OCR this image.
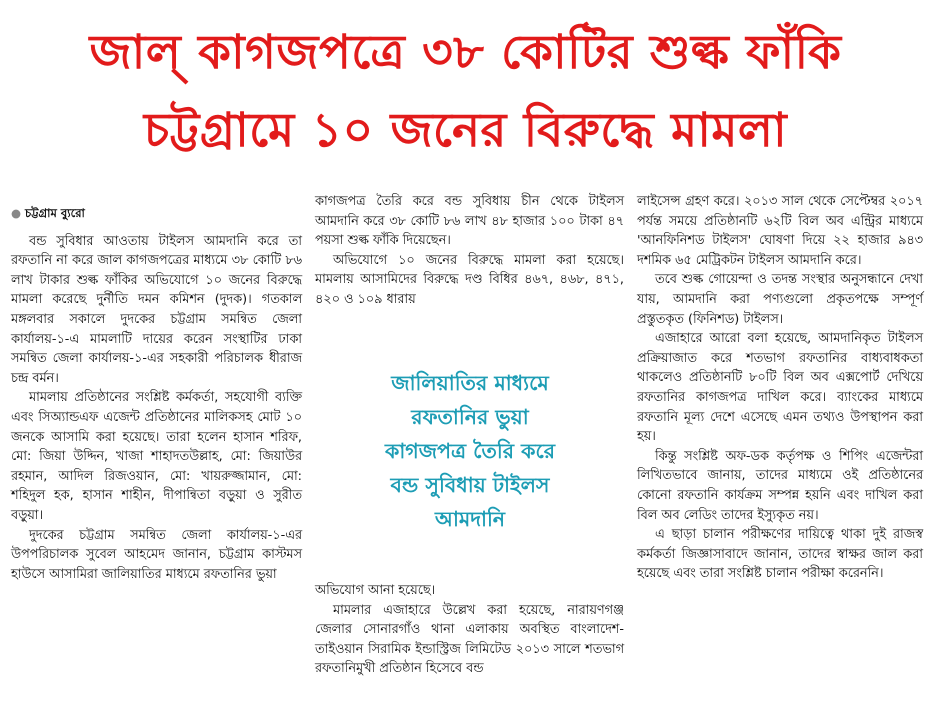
জাল্ কাগজপত্রে ৩৮ কোটির শুল্ক ফাঁকি
চট্টগ্রামে ১০ জনের বিরুদ্ধে মামলা
● চট্টগ্রাম ব্যুরো

বন্ড সুবিধার আওতায় টাইলস আমদানি করে তা রফতানি না করে জাল কাগজপত্রের মাধ্যমে ৩৮ কোটি ৮৬ লাখ টাকার শুল্ক ফাঁকির অভিযোগে ১০ জনের বিরুদ্ধে মামলা করেছে দুর্নীতি দমন কমিশন (দুদক)। গতকাল মঙ্গলবার সকালে দুদকের চট্টগ্রাম সমন্বিত জেলা কার্যালয়-১-এ মামলাটি দায়ের করেন সংস্থাটির ঢাকা সমন্বিত জেলা কার্যালয়-১-এর সহকারী পরিচালক ধীরাজ চন্দ্র বর্মন।

মামলায় প্রতিষ্ঠানের সংশ্লিষ্ট কর্মকর্তা, সহযোগী ব্যক্তি এবং সিঅ্যান্ডএফ এজেন্ট প্রতিষ্ঠানের মালিকসহ মোট ১০ জনকে আসামি করা হয়েছে। তারা হলেন হাসান শরিফ, মো: জিয়া উদ্দিন, খাজা শাহাদতউল্লাহ, মো: জিয়াউর রহমান, আদিল রিজওয়ান, মো: খায়রুজ্জামান, মো: শহিদুল হক, হাসান শাহীন, দীপান্বিতা বড়ুয়া ও সুরীত বড়ুয়া।

দুদকের চট্টগ্রাম সমন্বিত জেলা কার্যালয়-১-এর উপপরিচালক সুবেল আহমেদ জানান, চট্টগ্রাম কাস্টমস হাউসে আসামিরা জালিয়াতির মাধ্যমে রফতানির ভুয়া

কাগজপত্র তৈরি করে বন্ড সুবিধায় চীন থেকে টাইলস আমদানি করে ৩৮ কোটি ৮৬ লাখ ৪৮ হাজার ১০০ টাকা ৪৭ পয়সা শুল্ক ফাঁকি দিয়েছেন।

অভিযোগে ১০ জনের বিরুদ্ধে মামলা করা হয়েছে। মামলায় আসামিদের বিরুদ্ধে দণ্ড বিধির ৪৬৭, ৪৬৮, ৪৭১, ৪২০ ও ১০৯ ধারায়

জালিয়াতির মাধ্যমে
রফতানির ভুয়া
কাগজপত্র তৈরি করে
বন্ড সুবিধায় টাইলস
আমদানি

অভিযোগ আনা হয়েছে।

মামলার এজাহারে উল্লেখ করা হয়েছে, নারায়ণগঞ্জ জেলার সোনারগাঁও থানা এলাকায় অবস্থিত বাংলাদেশ-তাইওয়ান সিরামিক ইন্ডাস্ট্রিজ লিমিটেড ২০১৩ সালে শতভাগ রফতানিমুখী প্রতিষ্ঠান হিসেবে বন্ড

লাইসেন্স গ্রহণ করে। ২০১৩ সাল থেকে সেপ্টেম্বর ২০১৭ পর্যন্ত সময়ে প্রতিষ্ঠানটি ৬২টি বিল অব এন্ট্রির মাধ্যমে 'আনফিনিশড টাইলস' ঘোষণা দিয়ে ২২ হাজার ৯৪৩ দশমিক ৬৫ মেট্রিকটন টাইলস আমদানি করে।

তবে শুল্ক গোয়েন্দা ও তদন্ত সংস্থার অনুসন্ধানে দেখা যায়, আমদানি করা পণ্যগুলো প্রকৃতপক্ষে সম্পূর্ণ প্রস্তুতকৃত (ফিনিশড) টাইলস।

এজাহারে আরো বলা হয়েছে, আমদানিকৃত টাইলস প্রক্রিয়াজাত করে শতভাগ রফতানির বাধ্যবাধকতা থাকলেও প্রতিষ্ঠানটি ৮০টি বিল অব এক্সপোর্ট দেখিয়ে রফতানির কাগজপত্র দাখিল করে। ব্যাংকের মাধ্যমে রফতানি মূল্য দেশে এসেছে এমন তথ্যও উপস্থাপন করা হয়।

কিন্তু সংশ্লিষ্ট অফ-ডক কর্তৃপক্ষ ও শিপিং এজেন্টরা লিখিতভাবে জানায়, তাদের মাধ্যমে ওই প্রতিষ্ঠানের কোনো রফতানি কার্যক্রম সম্পন্ন হয়নি এবং দাখিল করা বিল অব লেডিং তাদের ইস্যুকৃত নয়।

এ ছাড়া চালান পরীক্ষণের দায়িত্বে থাকা দুই রাজস্ব কর্মকর্তা জিজ্ঞাসাবাদে জানান, তাদের স্বাক্ষর জাল করা হয়েছে এবং তারা সংশ্লিষ্ট চালান পরীক্ষা করেননি।
